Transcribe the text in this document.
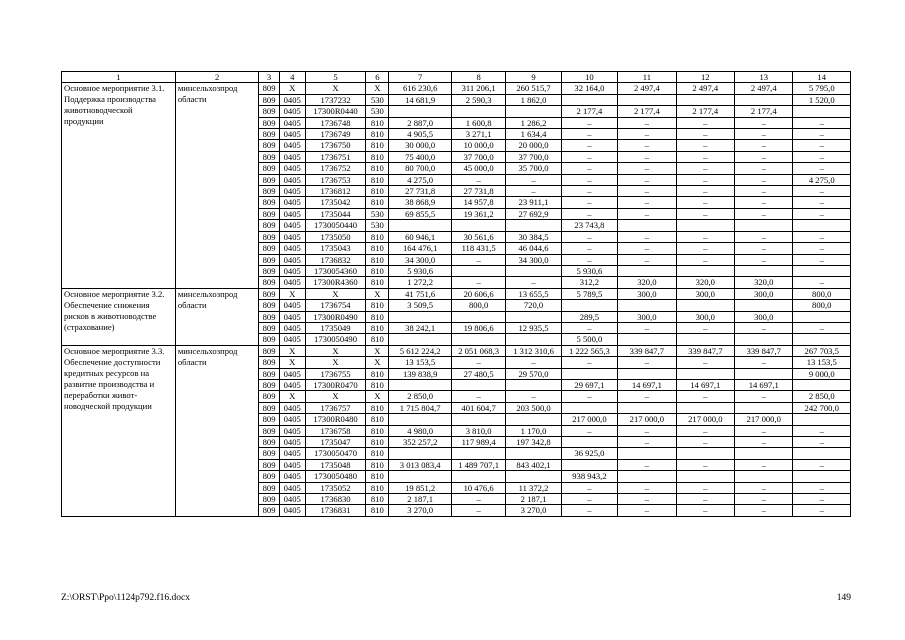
1	2	3	4	5	6	7	8	9	10	11	12	13	14
Основное мероприятие 3.1. Поддержка производства животноводческой продукции	минсельхозпрод области	809	Х	Х	Х	616 230,6	311 206,1	260 515,7	32 164,0	2 497,4	2 497,4	2 497,4	5 795,0
		809	0405	1737232	530	14 681,9	2 590,3	1 862,0					1 520,0
		809	0405	17300R0440	530				2 177,4	2 177,4	2 177,4	2 177,4	
		809	0405	1736748	810	2 887,0	1 600,8	1 286,2	–	–	–	–	–
		809	0405	1736749	810	4 905,5	3 271,1	1 634,4	–	–	–	–	–
		809	0405	1736750	810	30 000,0	10 000,0	20 000,0	–	–	–	–	–
		809	0405	1736751	810	75 400,0	37 700,0	37 700,0	–	–	–	–	–
		809	0405	1736752	810	80 700,0	45 000,0	35 700,0	–	–	–	–	–
		809	0405	1736753	810	4 275,0	–	–	–	–	–	–	4 275,0
		809	0405	1736812	810	27 731,8	27 731,8	–	–	–	–	–	–
		809	0405	1735042	810	38 868,9	14 957,8	23 911,1	–	–	–	–	–
		809	0405	1735044	530	69 855,5	19 361,2	27 692,9	–	–	–	–	–
		809	0405	1730050440	530				23 743,8				
		809	0405	1735050	810	60 946,1	30 561,6	30 384,5	–	–	–	–	–
		809	0405	1735043	810	164 476,1	118 431,5	46 044,6	–	–	–	–	–
		809	0405	1736832	810	34 300,0	–	34 300,0	–	–	–	–	–
		809	0405	1730054360	810	5 930,6			5 930,6				
		809	0405	17300R4360	810	1 272,2	–	–	312,2	320,0	320,0	320,0	–
Основное мероприятие 3.2. Обеспечение снижения рисков в животноводстве (страхование)	минсельхозпрод области	809	Х	Х	Х	41 751,6	20 606,6	13 655,5	5 789,5	300,0	300,0	300,0	800,0
		809	0405	1736754	810	3 509,5	800,0	720,0					800,0
		809	0405	17300R0490	810				289,5	300,0	300,0	300,0	
		809	0405	1735049	810	38 242,1	19 806,6	12 935,5	–	–	–	–	–
		809	0405	1730050490	810				5 500,0				
Основное мероприятие 3.3. Обеспечение доступности кредитных ресурсов на развитие производства и переработки живот-новодческой продукции	минсельхозпрод области	809	Х	Х	Х	5 612 224,2	2 051 068,3	1 312 310,6	1 222 565,3	339 847,7	339 847,7	339 847,7	267 703,5
		809	Х	Х	Х	13 153,5	–	–	–	–	–	–	13 153,5
		809	0405	1736755	810	139 838,9	27 480,5	29 570,0					9 000,0
		809	0405	17300R0470	810				29 697,1	14 697,1	14 697,1	14 697,1	
		809	Х	Х	Х	2 850,0	–	–	–	–	–	–	2 850,0
		809	0405	1736757	810	1 715 804,7	401 604,7	203 500,0					242 700,0
		809	0405	17300R0480	810				217 000,0	217 000,0	217 000,0	217 000,0	
		809	0405	1736758	810	4 980,0	3 810,0	1 170,0	–	–	–	–	–
		809	0405	1735047	810	352 257,2	117 989,4	197 342,8		–	–	–	–
		809	0405	1730050470	810				36 925,0				
		809	0405	1735048	810	3 013 083,4	1 489 707,1	843 402,1		–	–	–	–
		809	0405	1730050480	810				938 943,2				
		809	0405	1735052	810	19 851,2	10 476,6	11 372,2	–	–	–	–	–
		809	0405	1736830	810	2 187,1	–	2 187,1	–	–	–	–	–
		809	0405	1736831	810	3 270,0	–	3 270,0	–	–	–	–	–
Z:\ORST\Ppo\1124p792.f16.docx	149
